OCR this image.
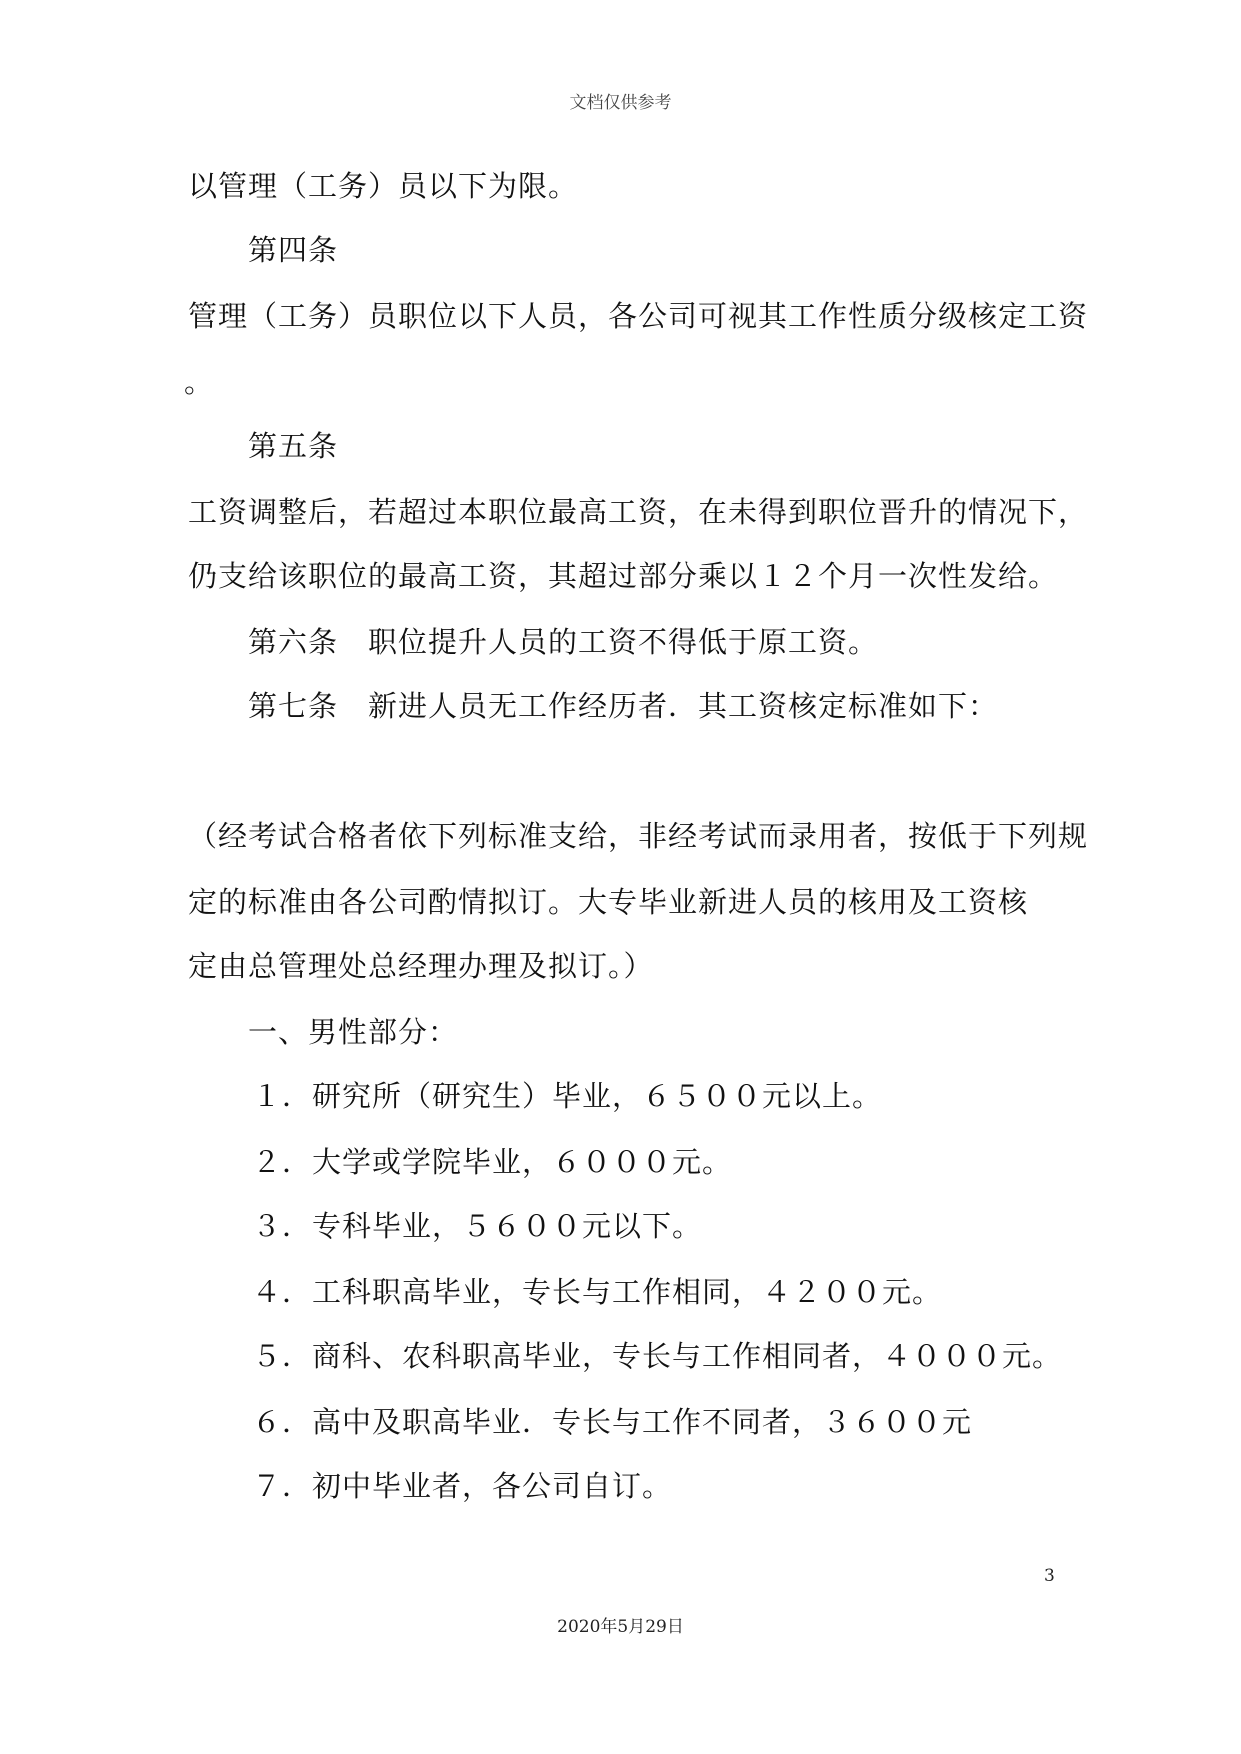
文档仅供参考
以管理（工务）员以下为限。
第四条
管理（工务）员职位以下人员，各公司可视其工作性质分级核定工资
。
第五条
工资调整后，若超过本职位最高工资，在未得到职位晋升的情况下，
仍支给该职位的最高工资，其超过部分乘以１２个月一次性发给。
第六条　职位提升人员的工资不得低于原工资。
第七条　新进人员无工作经历者．其工资核定标准如下：
（经考试合格者依下列标准支给，非经考试而录用者，按低于下列规
定的标准由各公司酌情拟订。大专毕业新进人员的核用及工资核
定由总管理处总经理办理及拟订。）
一、男性部分：
１．研究所（研究生）毕业，６５００元以上。
２．大学或学院毕业，６０００元。
３．专科毕业，５６００元以下。
４．工科职高毕业，专长与工作相同，４２００元。
５．商科、农科职高毕业，专长与工作相同者，４０００元。
６．高中及职高毕业．专长与工作不同者，３６００元
７．初中毕业者，各公司自订。
3
2020年5月29日
